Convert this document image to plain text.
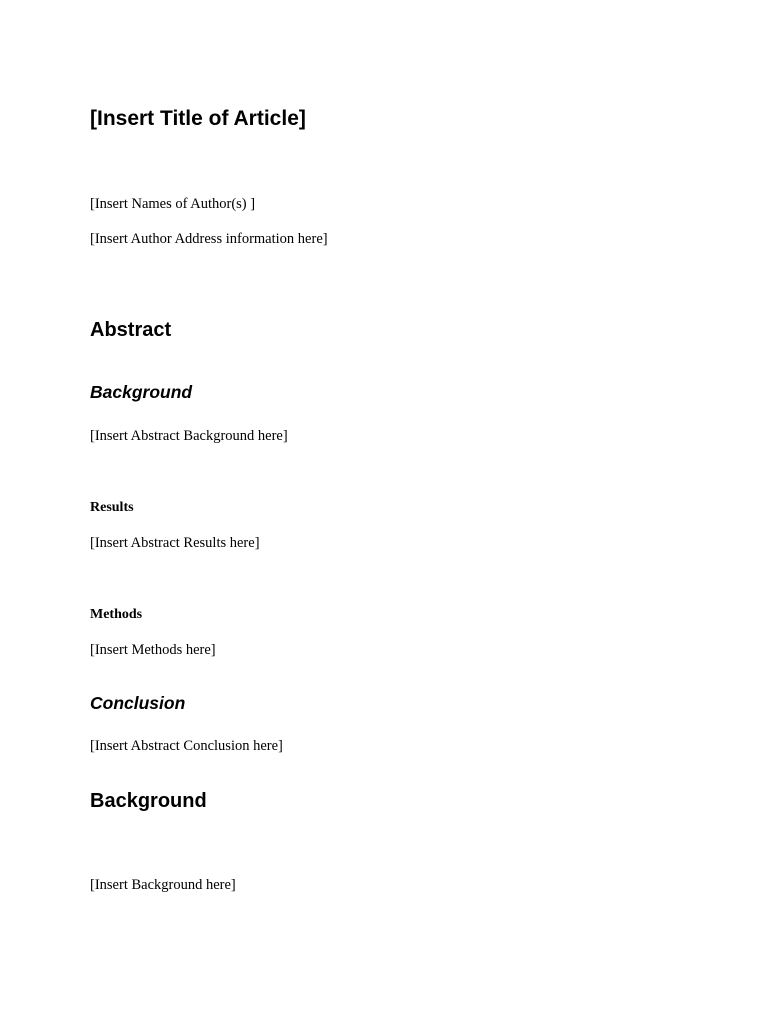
[Insert Title of Article]

[Insert Names of Author(s) ]

[Insert Author Address information here]

Abstract
Background

[Insert Abstract Background here]

Results

[Insert Abstract Results here]

Methods

[Insert Methods here]

Conclusion

[Insert Abstract Conclusion here]

Background

[Insert Background here]
